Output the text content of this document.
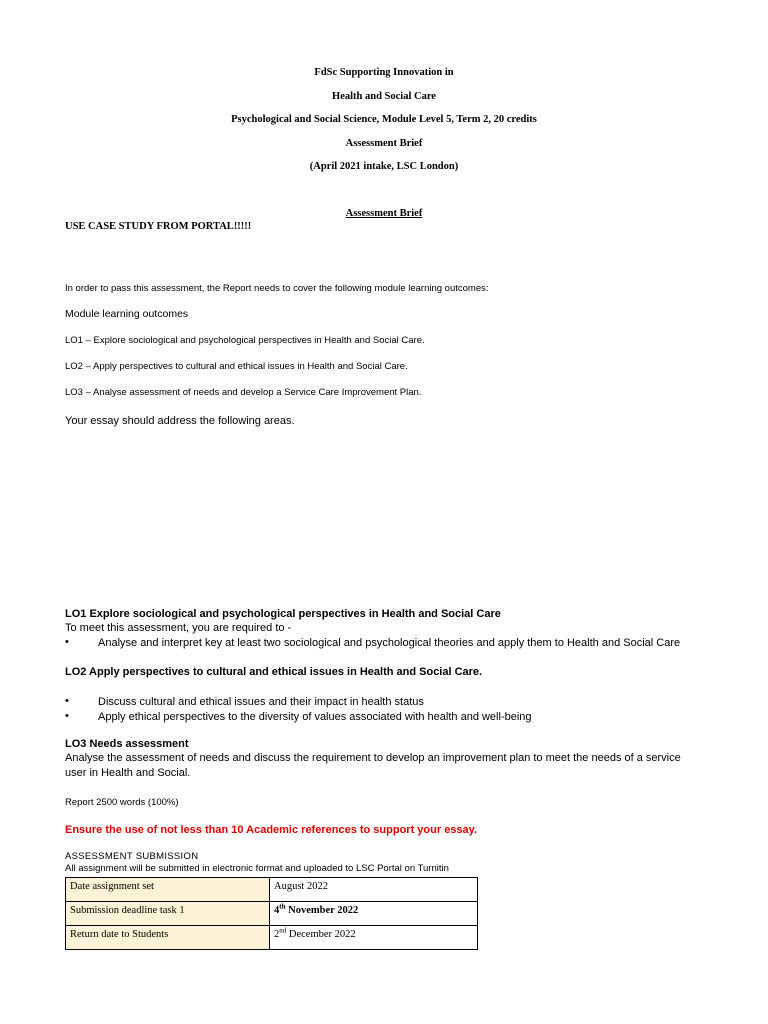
FdSc Supporting Innovation in
Health and Social Care
Psychological and Social Science, Module Level 5, Term 2, 20 credits
Assessment Brief
(April 2021 intake, LSC London)
Assessment Brief
USE CASE STUDY FROM PORTAL!!!!!
In order to pass this assessment, the Report needs to cover the following module learning outcomes:
Module learning outcomes
LO1 – Explore sociological and psychological perspectives in Health and Social Care.
LO2 – Apply perspectives to cultural and ethical issues in Health and Social Care.
LO3 – Analyse assessment of needs and develop a Service Care Improvement Plan.
Your essay should address the following areas.
LO1 Explore sociological and psychological perspectives in Health and Social Care
To meet this assessment, you are required to -
•	Analyse and interpret key at least two sociological and psychological theories and apply them to Health and Social Care
LO2 Apply perspectives to cultural and ethical issues in Health and Social Care.
•	Discuss cultural and ethical issues and their impact in health status
•	Apply ethical perspectives to the diversity of values associated with health and well-being
LO3 Needs assessment
Analyse the assessment of needs and discuss the requirement to develop an improvement plan to meet the needs of a service
user in Health and Social.
Report 2500 words (100%)
Ensure the use of not less than 10 Academic references to support your essay.
ASSESSMENT SUBMISSION
All assignment will be submitted in electronic format and uploaded to LSC Portal on Turnitin
Date assignment set	August 2022
Submission deadline task 1	4th November 2022
Return date to Students	2nd December 2022
